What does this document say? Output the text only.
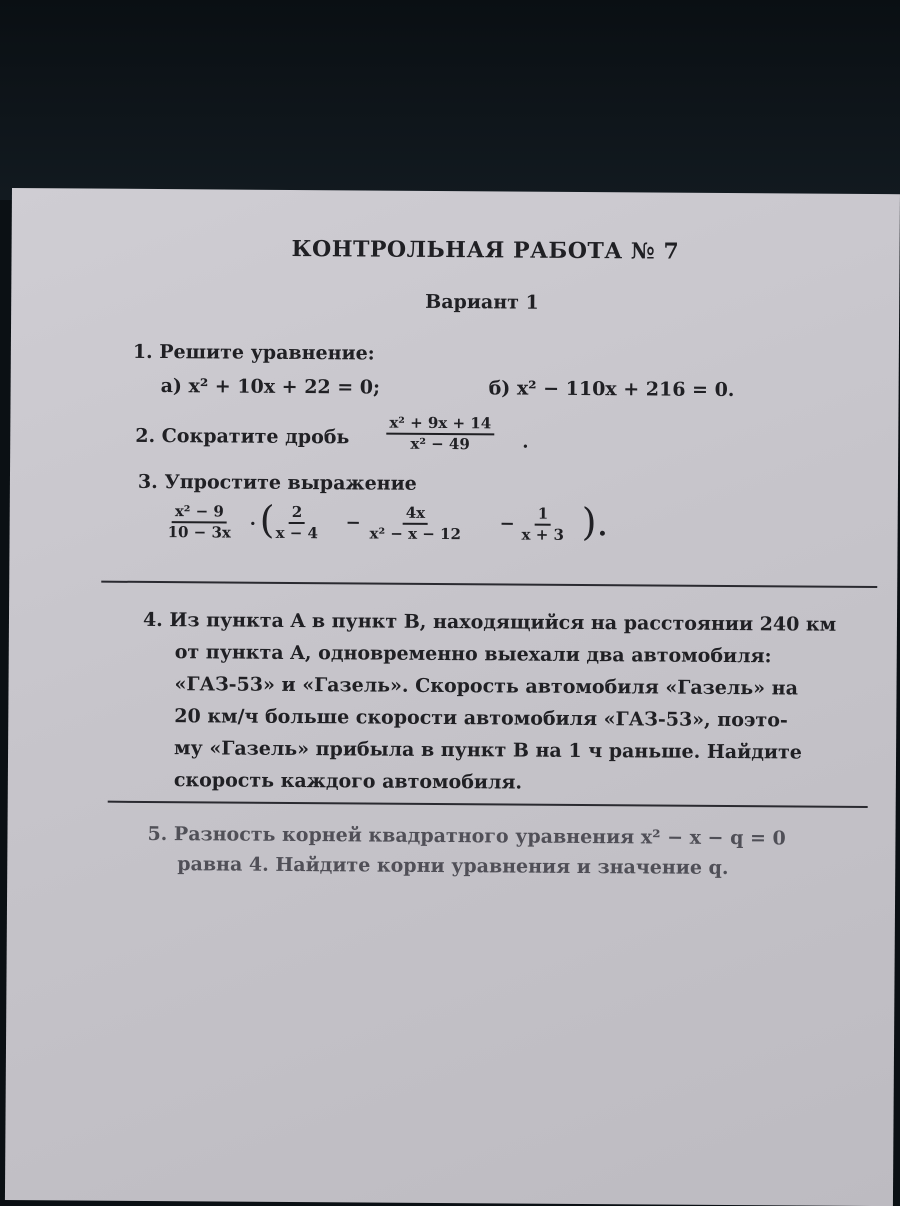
КОНТРОЛЬНАЯ РАБОТА № 7
Вариант 1
1. Решите уравнение:
а) x² + 10x + 22 = 0;	б) x² − 110x + 216 = 0.
2. Сократите дробь $\frac{\text{x² + 9x + 14}}{\text{x² − 49}}$ .
3. Упростите выражение
$\frac{\text{x² − 9}}{10 - 3x}$ · ( $\frac{2}{x - 4} - \frac{4x}{\text{x² − x − 12}} - \frac{1}{x + 3}$ ).
4. Из пункта A в пункт B, находящийся на расстоянии 240 км
от пункта A, одновременно выехали два автомобиля:
«ГАЗ-53» и «Газель». Скорость автомобиля «Газель» на
20 км/ч больше скорости автомобиля «ГАЗ-53», поэто-
му «Газель» прибыла в пункт B на 1 ч раньше. Найдите
скорость каждого автомобиля.
5. Разность корней квадратного уравнения x² − x − q = 0
равна 4. Найдите корни уравнения и значение q.
